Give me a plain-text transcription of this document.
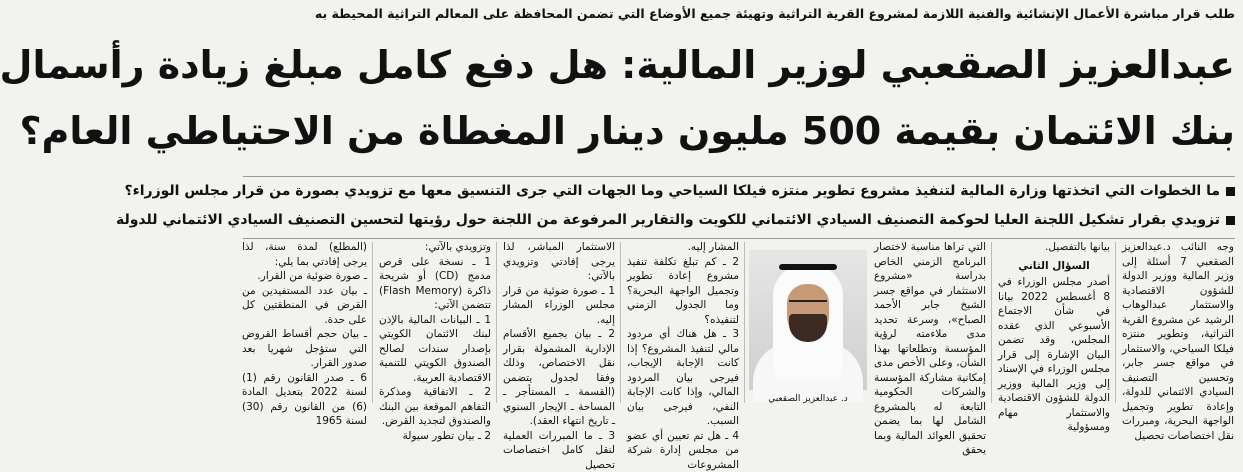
طلب قرار مباشرة الأعمال الإنشائية والفنية اللازمة لمشروع القرية التراثية وتهيئة جميع الأوضاع التي تضمن المحافظة على المعالم التراثية المحيطة به
عبدالعزيز الصقعبي لوزير المالية: هل دفع كامل مبلغ زيادة رأسمال
بنك الائتمان بقيمة 500 مليون دينار المغطاة من الاحتياطي العام؟
ما الخطوات التي اتخذتها وزارة المالية لتنفيذ مشروع تطوير منتزه فيلكا السياحي وما الجهات التي جرى التنسيق معها مع تزويدي بصورة من قرار مجلس الوزراء؟
تزويدي بقرار تشكيل اللجنة العليا لحوكمة التصنيف السيادي الائتماني للكويت والتقارير المرفوعة من اللجنة حول رؤيتها لتحسين التصنيف السيادي الائتماني للدولة

وجه النائب د.عبدالعزيز الصقعبي 7 أسئلة إلى وزير المالية ووزير الدولة للشؤون الاقتصادية والاستثمار عبدالوهاب الرشيد عن مشروع القرية التراثية، وتطوير منتزه فيلكا السياحي، والاستثمار في مواقع جسر جابر، وتحسين التصنيف السيادي الائتماني للدولة، وإعادة تطوير وتجميل الواجهة البحرية، ومبررات نقل اختصاصات تحصيل

بيانها بالتفصيل.

السؤال الثاني

أصدر مجلس الوزراء في 8 أغسطس 2022 بيانا في شأن الاجتماع الأسبوعي الذي عقده المجلس، وقد تضمن البيان الإشارة إلى قرار مجلس الوزراء في الإسناد إلى وزير المالية ووزير الدولة للشؤون الاقتصادية والاستثمار مهام ومسؤولية

التي تراها مناسبة لاختصار البرنامج الزمني الخاص بدراسة «مشروع الاستثمار في مواقع جسر الشيخ جابر الأحمد الصباح»، وسرعة تحديد مدى ملاءمته لرؤية المؤسسة وتطلعاتها بهذا الشأن، وعلى الأخص مدى إمكانية مشاركة المؤسسة والشركات الحكومية التابعة له بالمشروع الشامل لها بما يضمن تحقيق العوائد المالية وبما يحقق

د. عبدالعزيز الصقعبي

المشار إليه.

2 ـ كم تبلغ تكلفة تنفيذ مشروع إعادة تطوير وتجميل الواجهة البحرية؟ وما الجدول الزمني لتنفيذه؟

3 ـ هل هناك أي مردود مالي لتنفيذ المشروع؟ إذا كانت الإجابة الإيجاب، فيرجى بيان المردود المالي، وإذا كانت الإجابة النفي، فيرجى بيان السبب.

4 ـ هل تم تعيين أي عضو من مجلس إدارة شركة المشروعات

الاستثمار المباشر، لذا يرجى إفادتي وتزويدي بالآتي:

1 ـ صورة ضوئية من قرار مجلس الوزراء المشار إليه.

2 ـ بيان بجميع الأقسام الإدارية المشمولة بقرار نقل الاختصاص، وذلك وفقا لجدول يتضمن (القسمة ـ المستأجر ـ المساحة ـ الإيجار السنوي ـ تاريخ انتهاء العقد).

3 ـ ما المبررات العملية لنقل كامل اختصاصات تحصيل

وتزويدي بالآتي:

1 ـ نسخة على قرص مدمج (CD) أو شريحة ذاكرة (Flash Memory) تتضمن الآتي:

1 ـ البيانات المالية بالإذن لبنك الائتمان الكويتي بإصدار سندات لصالح الصندوق الكويتي للتنمية الاقتصادية العربية.

2 ـ الاتفاقية ومذكرة التفاهم الموقعة بين البنك والصندوق لتجديد القرض.

2 ـ بيان تطور سيولة

(المطلع) لمدة سنة، لذا يرجى إفادتي بما يلي:

ـ صورة ضوئية من القرار.

ـ بيان عدد المستفيدين من القرض في المنطقتين كل على حدة.

ـ بيان حجم أقساط القروض التي ستؤجل شهريا بعد صدور القرار.

6 ـ صدر القانون رقم (1) لسنة 2022 بتعديل المادة (6) من القانون رقم (30) لسنة 1965
